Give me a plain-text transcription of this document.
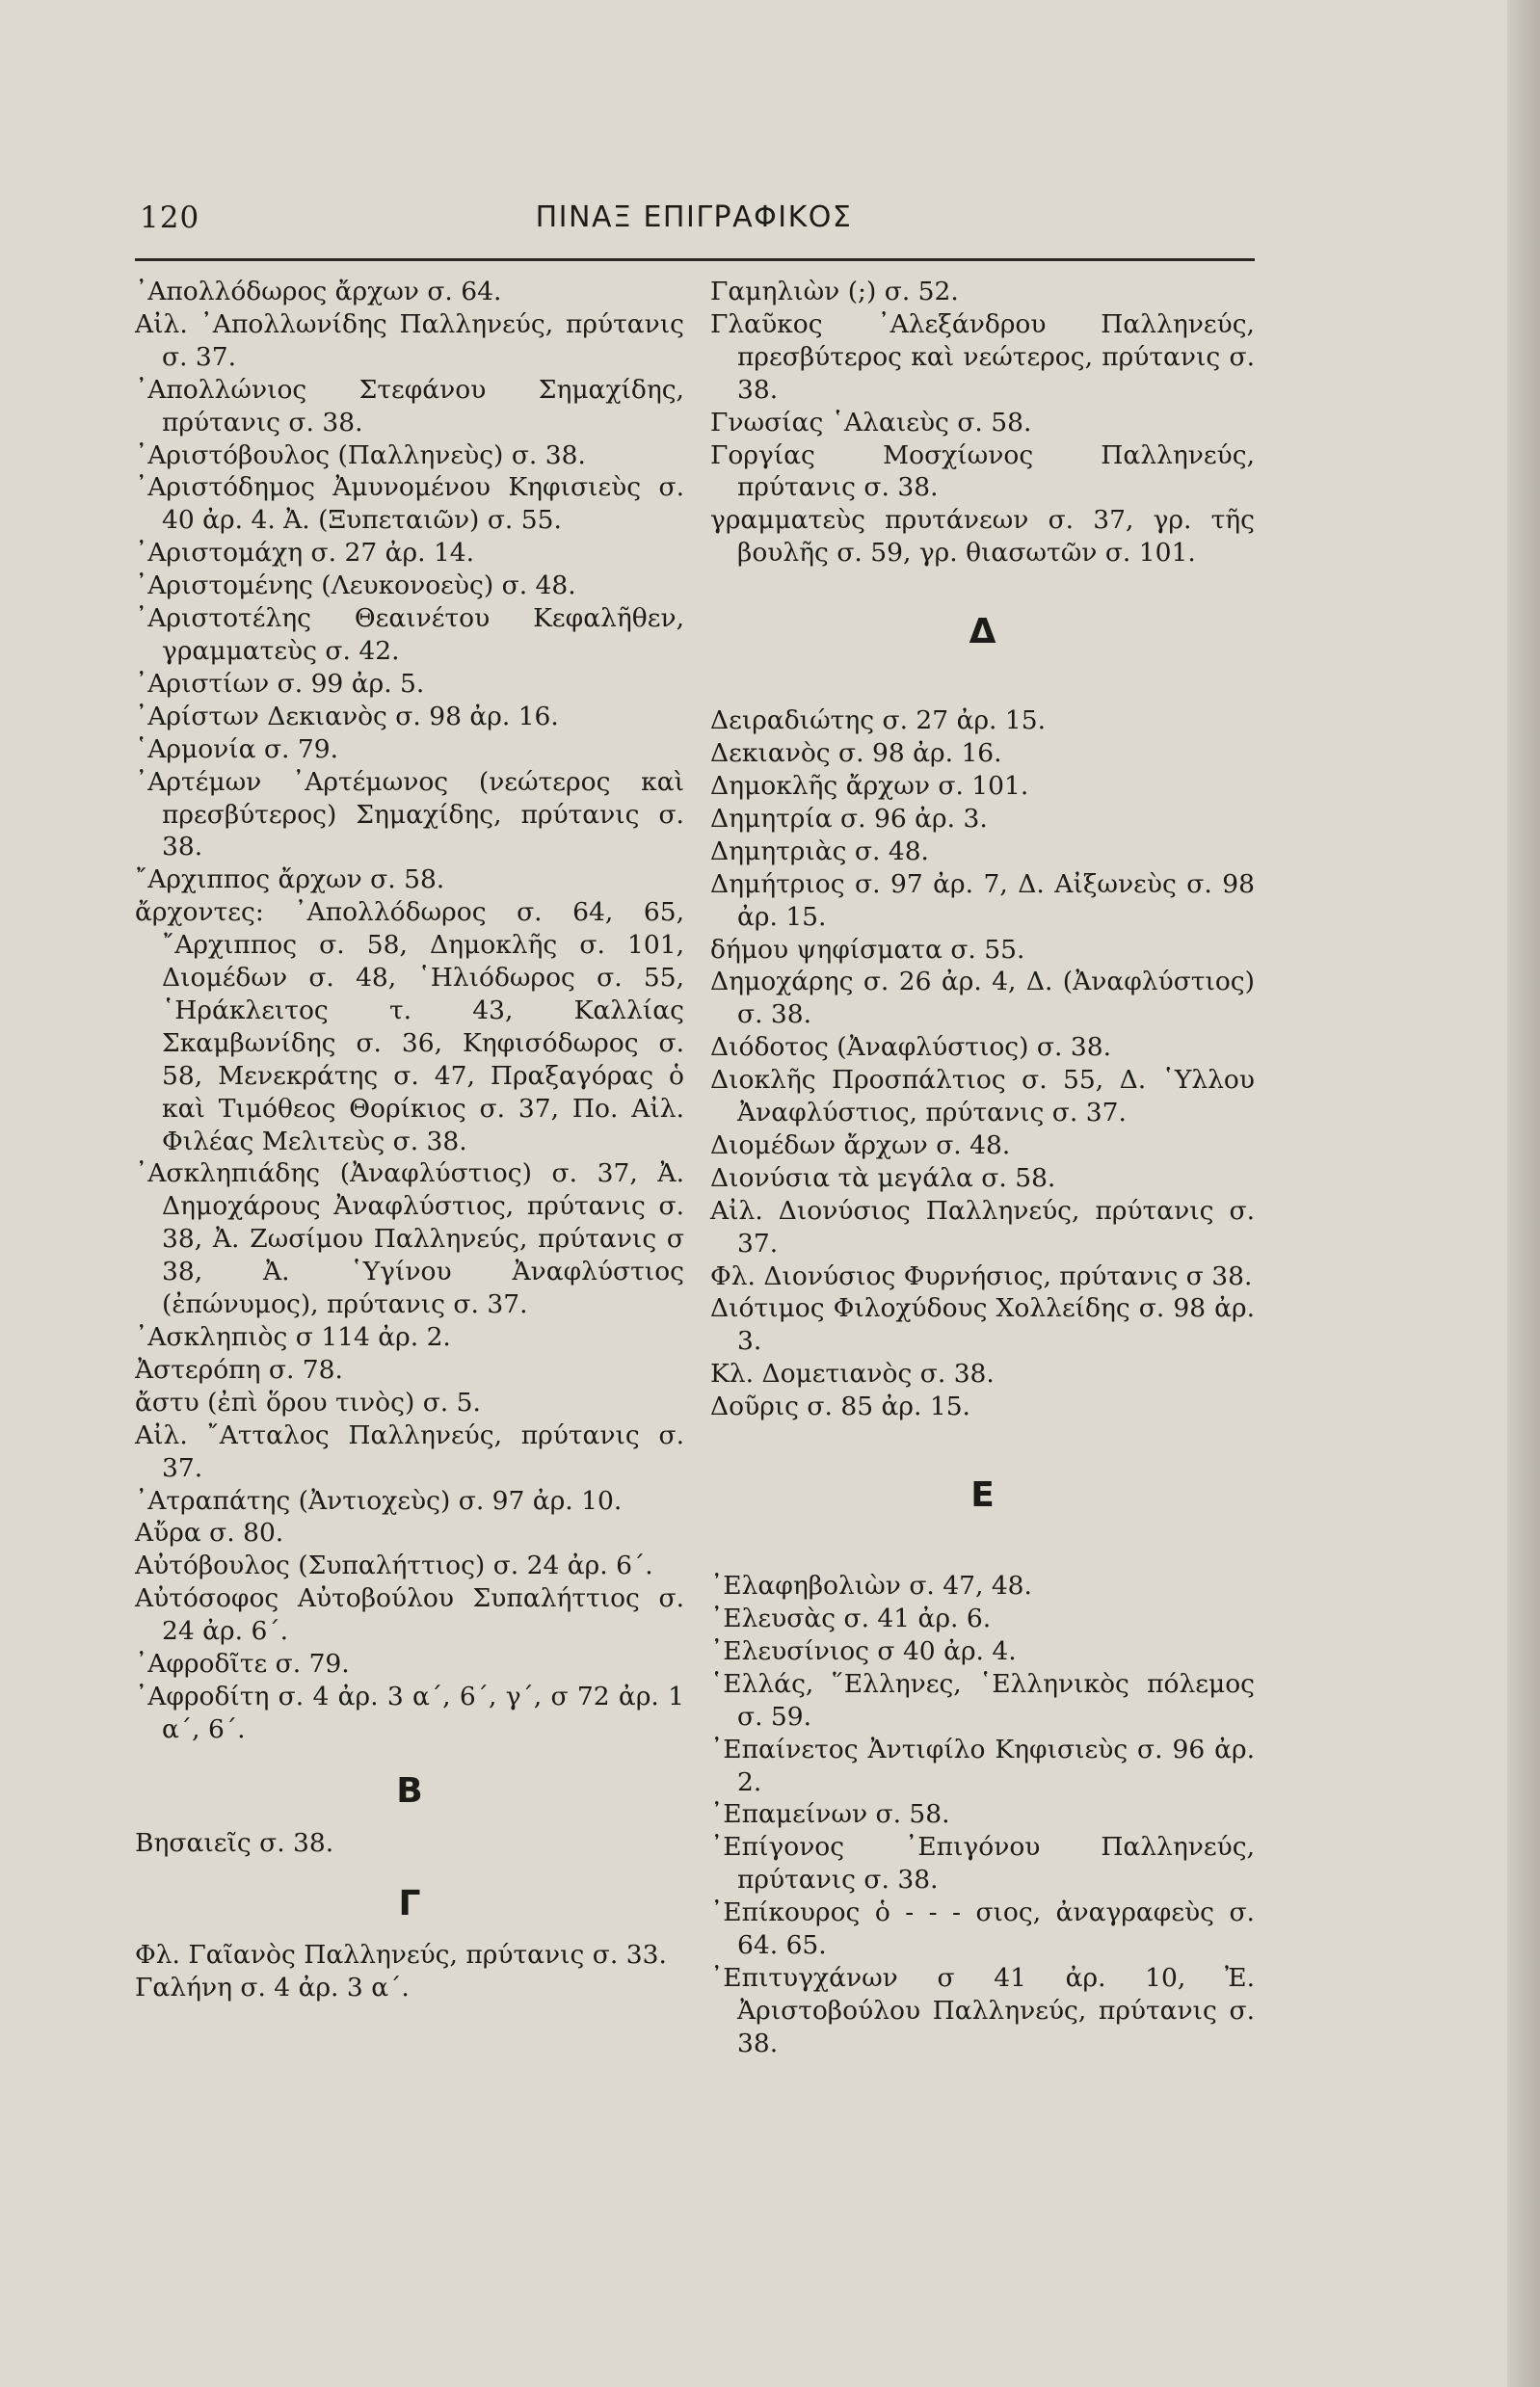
120	ΠΙΝΑΞ ΕΠΙΓΡΑΦΙΚΟΣ
᾿Απολλόδωρος ἄρχων σ. 64.
Αἰλ. ᾿Απολλωνίδης Παλληνεύς, πρύτανις σ. 37.
᾿Απολλώνιος Στεφάνου Σημαχίδης, πρύτανις σ. 38.
᾿Αριστόβουλος (Παλληνεὺς) σ. 38.
᾿Αριστόδημος Ἀμυνομένου Κηφισιεὺς σ. 40 ἀρ. 4. Ἀ. (Ξυπεταιῶν) σ. 55.
᾿Αριστομάχη σ. 27 ἀρ. 14.
᾿Αριστομένης (Λευκονοεὺς) σ. 48.
᾿Αριστοτέλης Θεαινέτου Κεφαλῆθεν, γραμματεὺς σ. 42.
᾿Αριστίων σ. 99 ἀρ. 5.
᾿Αρίστων Δεκιανὸς σ. 98 ἀρ. 16.
῾Αρμονία σ. 79.
᾿Αρτέμων ᾿Αρτέμωνος (νεώτερος καὶ πρεσβύτερος) Σημαχίδης, πρύτανις σ. 38.
῎Αρχιππος ἄρχων σ. 58.
ἄρχοντες: ᾿Απολλόδωρος σ. 64, 65, ῎Αρχιππος σ. 58, Δημοκλῆς σ. 101, Διομέδων σ. 48, ῾Ηλιόδωρος σ. 55, ῾Ηράκλειτος τ. 43, Καλλίας Σκαμβωνίδης σ. 36, Κηφισόδωρος σ. 58, Μενεκράτης σ. 47, Πραξαγόρας ὁ καὶ Τιμόθεος Θορίκιος σ. 37, Πο. Αἰλ. Φιλέας Μελιτεὺς σ. 38.
᾿Ασκληπιάδης (Ἀναφλύστιος) σ. 37, Ἀ. Δημοχάρους Ἀναφλύστιος, πρύτανις σ. 38, Ἀ. Ζωσίμου Παλληνεύς, πρύτανις σ 38, Ἀ. ῾Υγίνου Ἀναφλύστιος (ἐπώνυμος), πρύτανις σ. 37.
᾿Ασκληπιὸς σ 114 ἀρ. 2.
Ἀστερόπη σ. 78.
ἄστυ (ἐπὶ ὅρου τινὸς) σ. 5.
Αἰλ. ῎Ατταλος Παλληνεύς, πρύτανις σ. 37.
᾿Ατραπάτης (Ἀντιοχεὺς) σ. 97 ἀρ. 10.
Αὔρα σ. 80.
Αὐτόβουλος (Συπαλήττιος) σ. 24 ἀρ. 6΄.
Αὐτόσοφος Αὐτοβούλου Συπαλήττιος σ. 24 ἀρ. 6΄.
᾿Αφροδῖτε σ. 79.
᾿Αφροδίτη σ. 4 ἀρ. 3 α΄, 6΄, γ΄, σ 72 ἀρ. 1 α΄, 6΄.
Β
Βησαιεῖς σ. 38.
Γ
Φλ. Γαῖανὸς Παλληνεύς, πρύτανις σ. 33.
Γαλήνη σ. 4 ἀρ. 3 α΄.
Γαμηλιὼν (;) σ. 52.
Γλαῦκος ᾿Αλεξάνδρου Παλληνεύς, πρεσβύτερος καὶ νεώτερος, πρύτανις σ. 38.
Γνωσίας ῾Αλαιεὺς σ. 58.
Γοργίας Μοσχίωνος Παλληνεύς, πρύτανις σ. 38.
γραμματεὺς πρυτάνεων σ. 37, γρ. τῆς βουλῆς σ. 59, γρ. θιασωτῶν σ. 101.
Δ
Δειραδιώτης σ. 27 ἀρ. 15.
Δεκιανὸς σ. 98 ἀρ. 16.
Δημοκλῆς ἄρχων σ. 101.
Δημητρία σ. 96 ἀρ. 3.
Δημητριὰς σ. 48.
Δημήτριος σ. 97 ἀρ. 7, Δ. Αἰξωνεὺς σ. 98 ἀρ. 15.
δήμου ψηφίσματα σ. 55.
Δημοχάρης σ. 26 ἀρ. 4, Δ. (Ἀναφλύστιος) σ. 38.
Διόδοτος (Ἀναφλύστιος) σ. 38.
Διοκλῆς Προσπάλτιος σ. 55, Δ. ῾Υλλου Ἀναφλύστιος, πρύτανις σ. 37.
Διομέδων ἄρχων σ. 48.
Διονύσια τὰ μεγάλα σ. 58.
Αἰλ. Διονύσιος Παλληνεύς, πρύτανις σ. 37.
Φλ. Διονύσιος Φυρνήσιος, πρύτανις σ 38.
Διότιμος Φιλοχύδους Χολλείδης σ. 98 ἀρ. 3.
Κλ. Δομετιανὸς σ. 38.
Δοῦρις σ. 85 ἀρ. 15.
Ε
᾿Ελαφηβολιὼν σ. 47, 48.
᾿Ελευσὰς σ. 41 ἀρ. 6.
᾿Ελευσίνιος σ 40 ἀρ. 4.
῾Ελλάς, ῞Ελληνες, ῾Ελληνικὸς πόλεμος σ. 59.
᾿Επαίνετος Ἀντιφίλο Κηφισιεὺς σ. 96 ἀρ. 2.
᾿Επαμείνων σ. 58.
᾿Επίγονος ᾿Επιγόνου Παλληνεύς, πρύτανις σ. 38.
᾿Επίκουρος ὁ - - - σιος, ἀναγραφεὺς σ. 64. 65.
᾿Επιτυγχάνων σ 41 ἀρ. 10, Ἐ. Ἀριστοβούλου Παλληνεύς, πρύτανις σ. 38.
